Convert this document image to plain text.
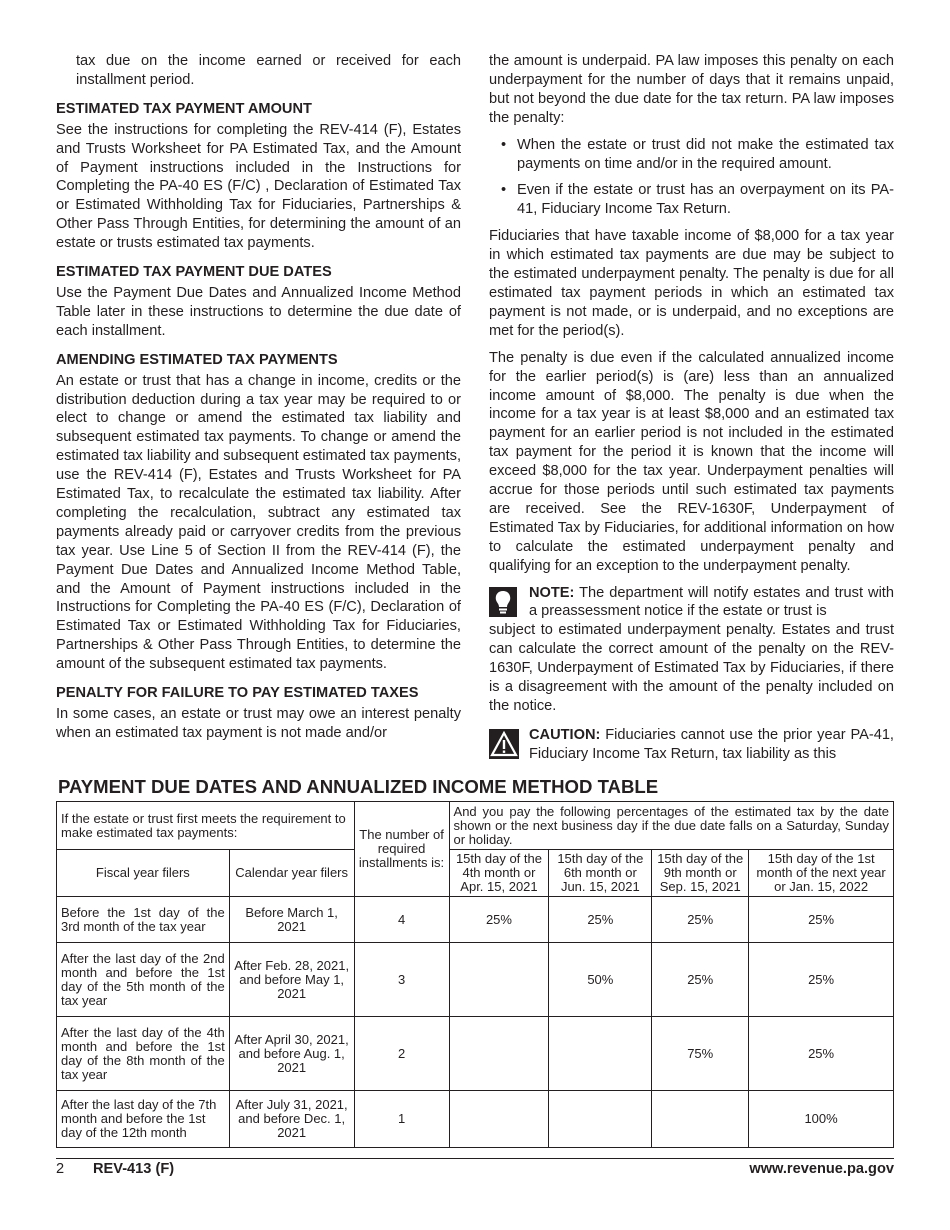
tax due on the income earned or received for each installment period.

ESTIMATED TAX PAYMENT AMOUNT

See the instructions for completing the REV-414 (F), Estates and Trusts Worksheet for PA Estimated Tax, and the Amount of Payment instructions included in the Instructions for Completing the PA-40 ES (F/C) , Declaration of Estimated Tax or Estimated Withholding Tax for Fiduciaries, Partnerships & Other Pass Through Entities, for determining the amount of an estate or trusts estimated tax payments.

ESTIMATED TAX PAYMENT DUE DATES

Use the Payment Due Dates and Annualized Income Method Table later in these instructions to determine the due date of each installment.

AMENDING ESTIMATED TAX PAYMENTS

An estate or trust that has a change in income, credits or the distribution deduction during a tax year may be required to or elect to change or amend the estimated tax liability and subsequent estimated tax payments. To change or amend the estimated tax liability and subsequent estimated tax payments, use the REV-414 (F), Estates and Trusts Worksheet for PA Estimated Tax, to recalculate the estimated tax liability. After completing the recalculation, subtract any estimated tax payments already paid or carryover credits from the previous tax year. Use Line 5 of Section II from the REV-414 (F), the Payment Due Dates and Annualized Income Method Table, and the Amount of Payment instructions included in the Instructions for Completing the PA-40 ES (F/C), Declaration of Estimated Tax or Estimated Withholding Tax for Fiduciaries, Partnerships & Other Pass Through Entities, to determine the amount of the subsequent estimated tax payments.

PENALTY FOR FAILURE TO PAY ESTIMATED TAXES

In some cases, an estate or trust may owe an interest penalty when an estimated tax payment is not made and/or

the amount is underpaid. PA law imposes this penalty on each underpayment for the number of days that it remains unpaid, but not beyond the due date for the tax return. PA law imposes the penalty:

• When the estate or trust did not make the estimated tax payments on time and/or in the required amount.
• Even if the estate or trust has an overpayment on its PA-41, Fiduciary Income Tax Return.

Fiduciaries that have taxable income of $8,000 for a tax year in which estimated tax payments are due may be subject to the estimated underpayment penalty. The penalty is due for all estimated tax payment periods in which an estimated tax payment is not made, or is underpaid, and no exceptions are met for the period(s).

The penalty is due even if the calculated annualized income for the earlier period(s) is (are) less than an annualized income amount of $8,000. The penalty is due when the income for a tax year is at least $8,000 and an estimated tax payment for an earlier period is not included in the estimated tax payment for the period it is known that the income will exceed $8,000 for the tax year. Underpayment penalties will accrue for those periods until such estimated tax payments are received. See the REV-1630F, Underpayment of Estimated Tax by Fiduciaries, for additional information on how to calculate the estimated underpayment penalty and qualifying for an exception to the underpayment penalty.

NOTE: The department will notify estates and trust with a preassessment notice if the estate or trust is
subject to estimated underpayment penalty. Estates and trust can calculate the correct amount of the penalty on the REV-1630F, Underpayment of Estimated Tax by Fiduciaries, if there is a disagreement with the amount of the penalty included on the notice.
CAUTION: Fiduciaries cannot use the prior year PA-41, Fiduciary Income Tax Return, tax liability as this
PAYMENT DUE DATES AND ANNUALIZED INCOME METHOD TABLE
If the estate or trust first meets the requirement to make estimated tax payments:		The number of required installments is:	And you pay the following percentages of the estimated tax by the date shown or the next business day if the due date falls on a Saturday, Sunday or holiday.			
Fiscal year filers	Calendar year filers		15th day of the 4th month or Apr. 15, 2021	15th day of the 6th month or Jun. 15, 2021	15th day of the 9th month or Sep. 15, 2021	15th day of the 1st month of the next year or Jan. 15, 2022
Before the 1st day of the 3rd month of the tax year	Before March 1, 2021	4	25%	25%	25%	25%
After the last day of the 2nd month and before the 1st day of the 5th month of the tax year	After Feb. 28, 2021, and before May 1, 2021	3		50%	25%	25%
After the last day of the 4th month and before the 1st day of the 8th month of the tax year	After April 30, 2021, and before Aug. 1, 2021	2			75%	25%
After the last day of the 7th month and before the 1st day of the 12th month	After July 31, 2021, and before Dec. 1, 2021	1				100%
2 REV-413 (F)	www.revenue.pa.gov
